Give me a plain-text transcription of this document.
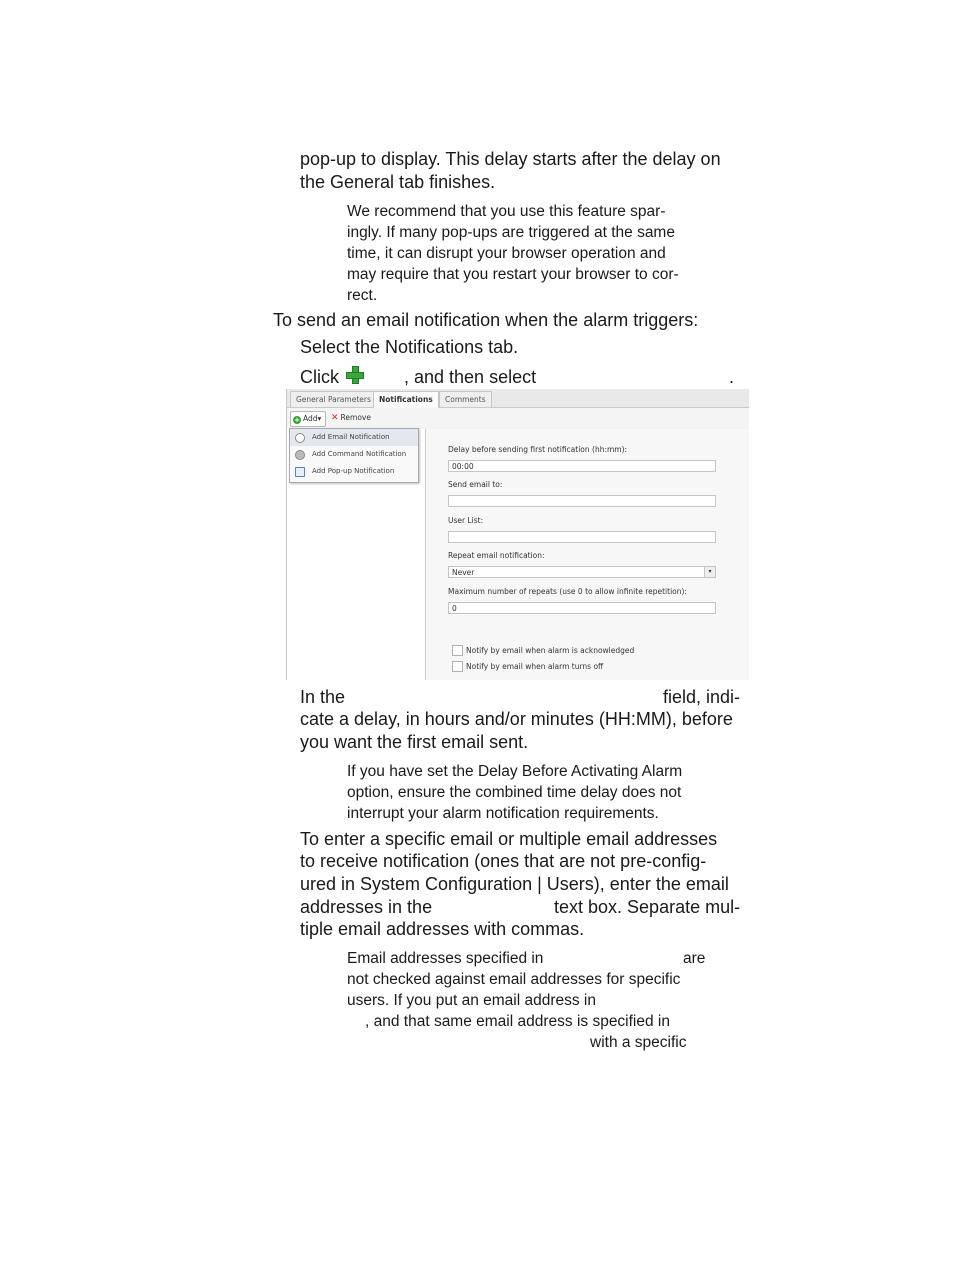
pop-up to display. This delay starts after the delay on
the General tab finishes.
We recommend that you use this feature spar-
ingly. If many pop-ups are triggered at the same
time, it can disrupt your browser operation and
may require that you restart your browser to cor-
rect.
To send an email notification when the alarm triggers:
Select the Notifications tab.
Click	, and then select	.
General Parameters	Notifications	Comments
+ Add▾	✕ Remove
Add Email Notification
Add Command Notification
Add Pop-up Notification
Delay before sending first notification (hh:mm):
00:00
Send email to:
User List:
Repeat email notification:
Never	▾
Maximum number of repeats (use 0 to allow infinite repetition):
0
Notify by email when alarm is acknowledged
Notify by email when alarm turns off
In the	field, indi-
cate a delay, in hours and/or minutes (HH:MM), before
you want the first email sent.
If you have set the Delay Before Activating Alarm
option, ensure the combined time delay does not
interrupt your alarm notification requirements.
To enter a specific email or multiple email addresses
to receive notification (ones that are not pre-config-
ured in System Configuration | Users), enter the email
addresses in the	text box. Separate mul-
tiple email addresses with commas.
Email addresses specified in	are
not checked against email addresses for specific
users. If you put an email address in
, and that same email address is specified in
with a specific
